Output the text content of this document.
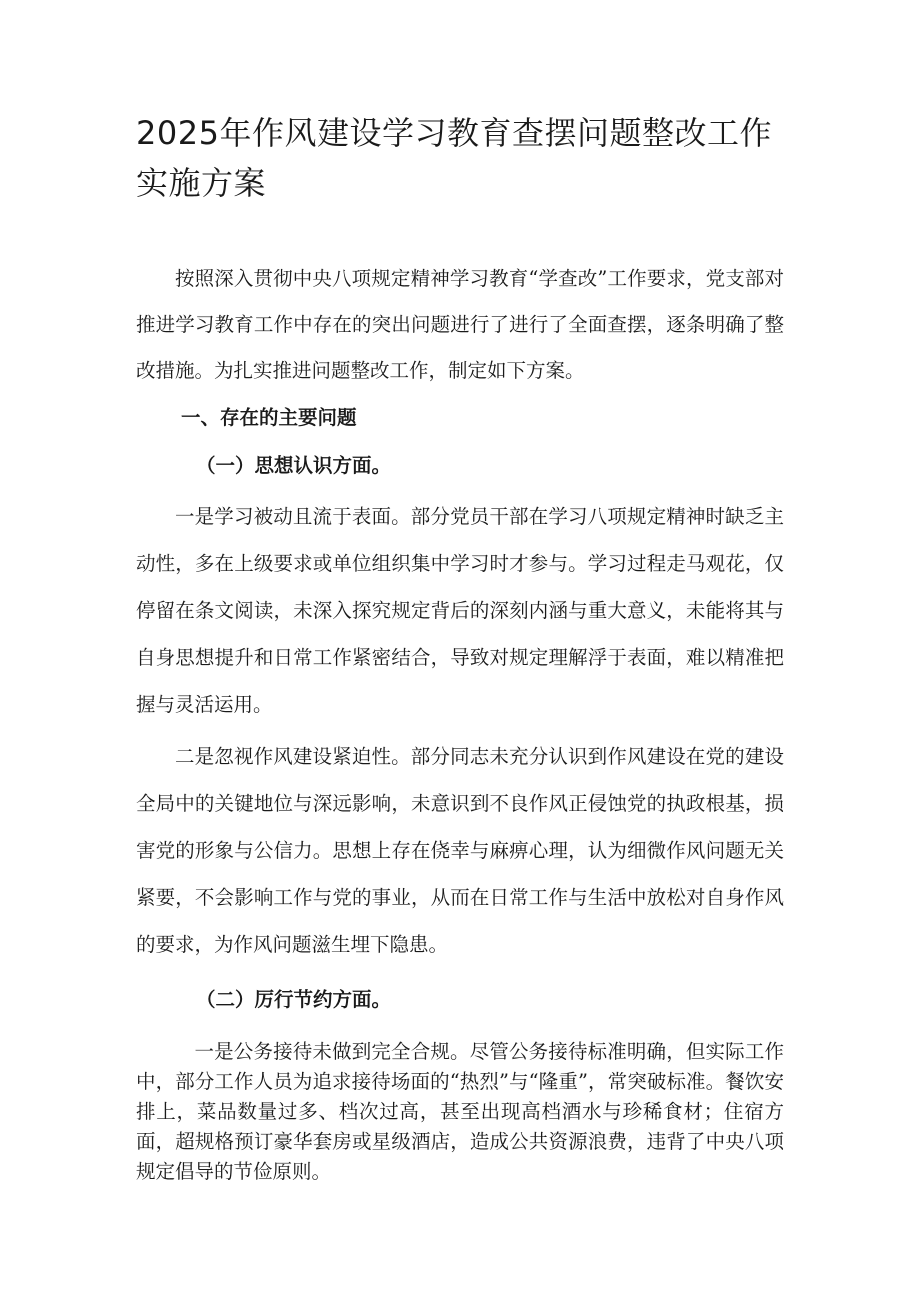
2025年作风建设学习教育查摆问题整改工作实施方案

按照深入贯彻中央八项规定精神学习教育“学查改”工作要求，党支部对推进学习教育工作中存在的突出问题进行了进行了全面查摆，逐条明确了整改措施。为扎实推进问题整改工作，制定如下方案。

一、存在的主要问题
（一）思想认识方面。

一是学习被动且流于表面。部分党员干部在学习八项规定精神时缺乏主动性，多在上级要求或单位组织集中学习时才参与。学习过程走马观花，仅停留在条文阅读，未深入探究规定背后的深刻内涵与重大意义，未能将其与自身思想提升和日常工作紧密结合，导致对规定理解浮于表面，难以精准把握与灵活运用。

二是忽视作风建设紧迫性。部分同志未充分认识到作风建设在党的建设全局中的关键地位与深远影响，未意识到不良作风正侵蚀党的执政根基，损害党的形象与公信力。思想上存在侥幸与麻痹心理，认为细微作风问题无关紧要，不会影响工作与党的事业，从而在日常工作与生活中放松对自身作风的要求，为作风问题滋生埋下隐患。

（二）厉行节约方面。

一是公务接待未做到完全合规。尽管公务接待标准明确，但实际工作中，部分工作人员为追求接待场面的“热烈”与“隆重”，常突破标准。餐饮安排上，菜品数量过多、档次过高，甚至出现高档酒水与珍稀食材；住宿方面，超规格预订豪华套房或星级酒店，造成公共资源浪费，违背了中央八项规定倡导的节俭原则。
